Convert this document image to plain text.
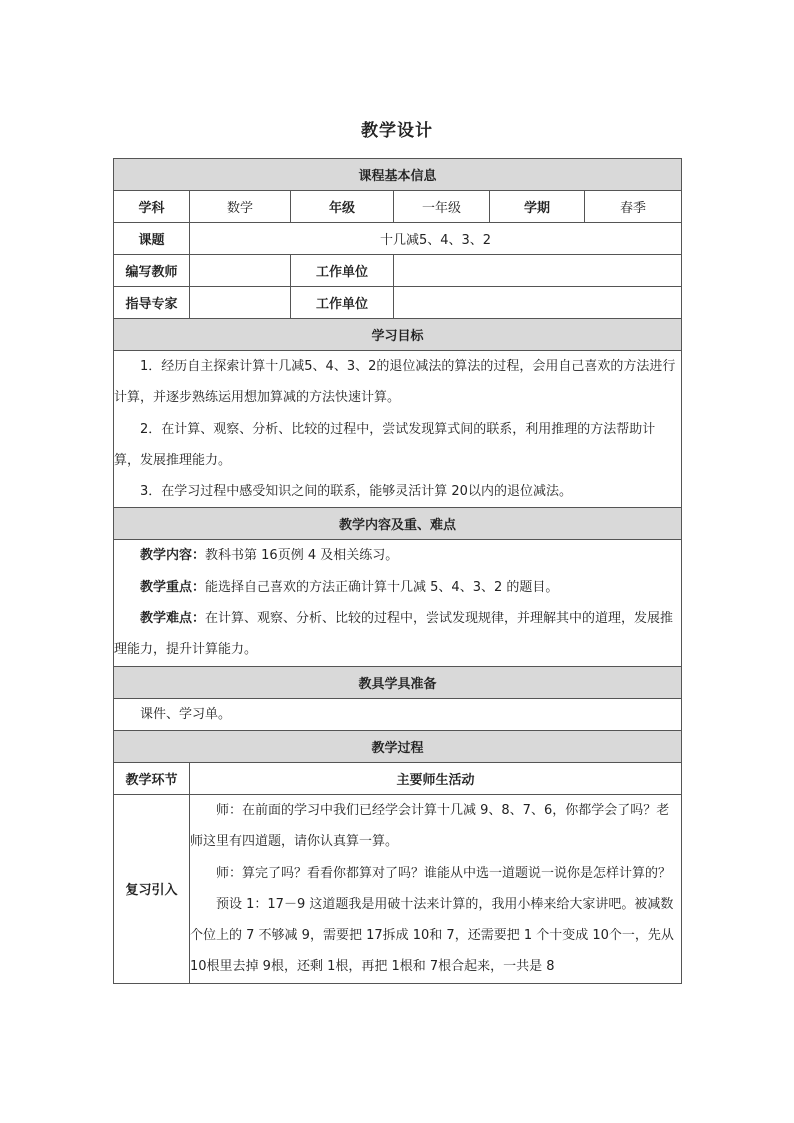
教学设计
课程基本信息					
学科	数学	年级	一年级	学期	春季
课题	十几减5、4、3、2				
编写教师		工作单位			
指导专家		工作单位			
学习目标					

1．经历自主探索计算十几减5、4、3、2的退位减法的算法的过程，会用自己喜欢的方法进行计算，并逐步熟练运用想加算减的方法快速计算。

2．在计算、观察、分析、比较的过程中，尝试发现算式间的联系，利用推理的方法帮助计算，发展推理能力。

3．在学习过程中感受知识之间的联系，能够灵活计算 20以内的退位减法。					

教学内容及重、难点					

教学内容：教科书第 16页例 4 及相关练习。

教学重点：能选择自己喜欢的方法正确计算十几减 5、4、3、2 的题目。

教学难点：在计算、观察、分析、比较的过程中，尝试发现规律，并理解其中的道理，发展推理能力，提升计算能力。					

教具学具准备					

课件、学习单。					

教学过程					
教学环节	主要师生活动				
复习引入	师：在前面的学习中我们已经学会计算十几减 9、8、7、6，你都学会了吗？老师这里有四道题，请你认真算一算。

师：算完了吗？看看你都算对了吗？谁能从中选一道题说一说你是怎样计算的？

预设 1：17－9 这道题我是用破十法来计算的，我用小棒来给大家讲吧。被减数个位上的 7 不够减 9，需要把 17拆成 10和 7，还需要把 1 个十变成 10个一，先从 10根里去掉 9根，还剩 1根，再把 1根和 7根合起来，一共是 8				
